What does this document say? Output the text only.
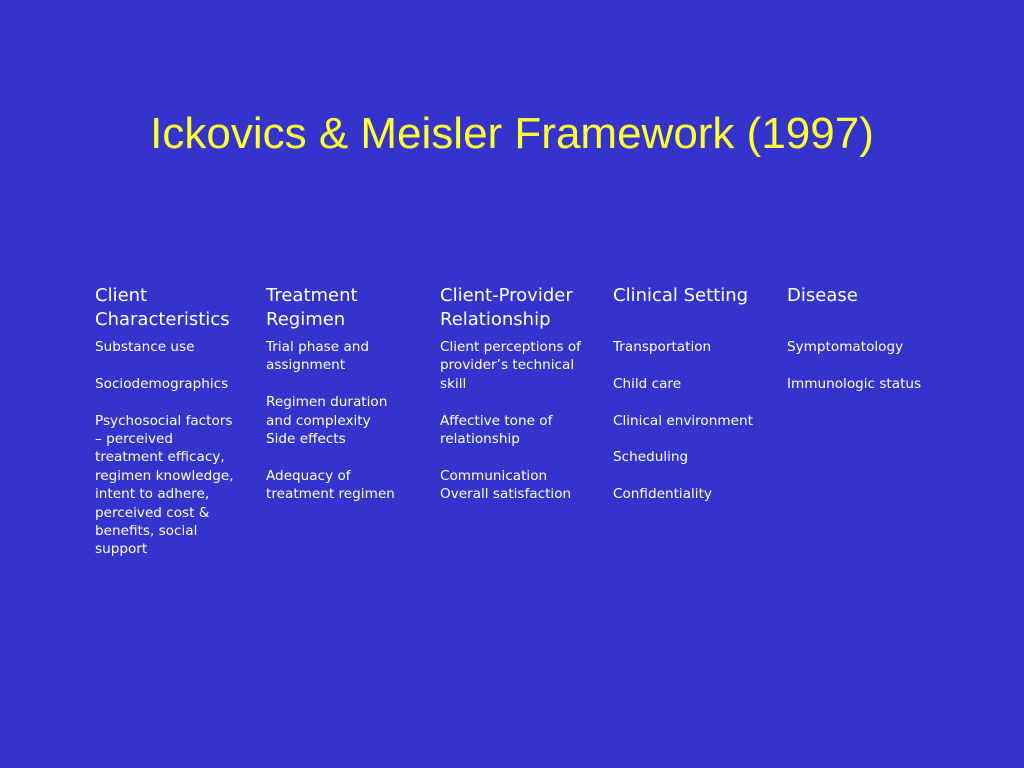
Ickovics & Meisler Framework (1997)
Client
Characteristics
Substance use
Sociodemographics
Psychosocial factors
– perceived
treatment efficacy,
regimen knowledge,
intent to adhere,
perceived cost &
benefits, social
support
Treatment
Regimen
Trial phase and
assignment
Regimen duration
and complexity
Side effects
Adequacy of
treatment regimen
Client-Provider
Relationship
Client perceptions of
provider’s technical
skill
Affective tone of
relationship
Communication
Overall satisfaction
Clinical Setting

Transportation
Child care
Clinical environment
Scheduling
Confidentiality
Disease

Symptomatology
Immunologic status
